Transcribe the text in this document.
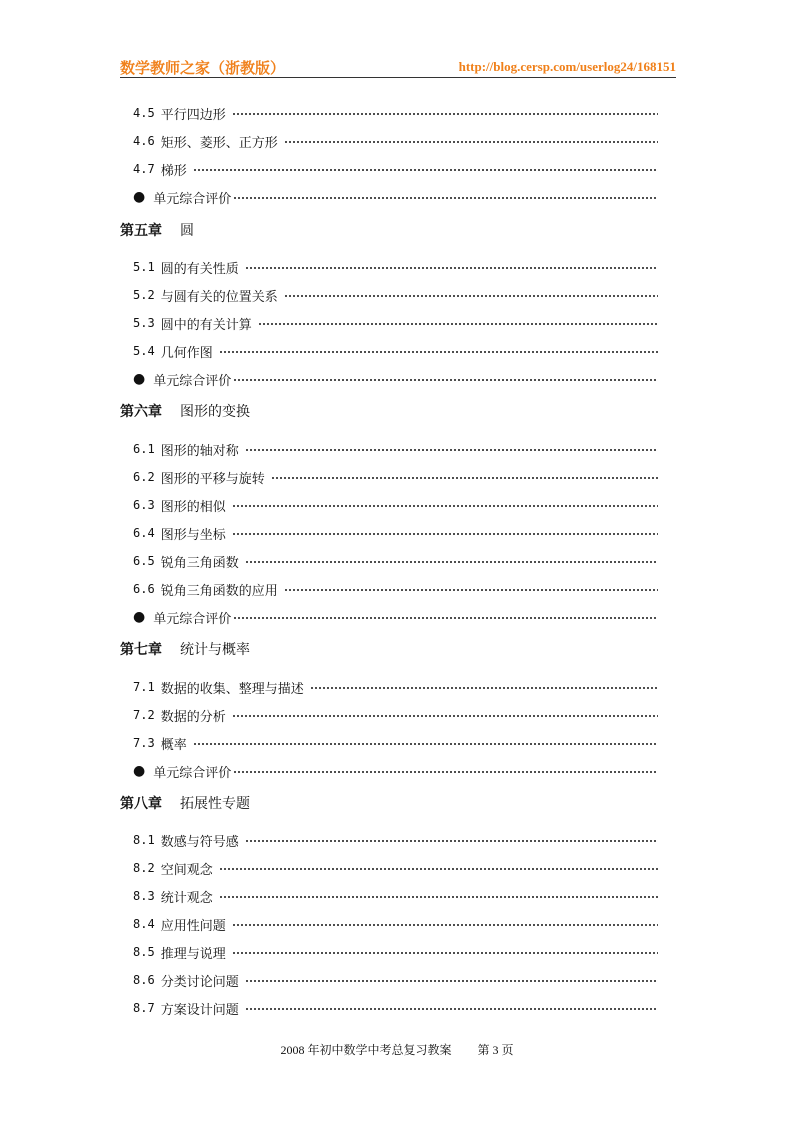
数学教师之家（浙教版）	http://blog.cersp.com/userlog24/168151
4.5 平行四边形
4.6 矩形、菱形、正方形
4.7 梯形
● 单元综合评价
第五章 圆
5.1 圆的有关性质
5.2 与圆有关的位置关系
5.3 圆中的有关计算
5.4 几何作图
● 单元综合评价
第六章 图形的变换
6.1 图形的轴对称
6.2 图形的平移与旋转
6.3 图形的相似
6.4 图形与坐标
6.5 锐角三角函数
6.6 锐角三角函数的应用
● 单元综合评价
第七章 统计与概率
7.1 数据的收集、整理与描述
7.2 数据的分析
7.3 概率
● 单元综合评价
第八章 拓展性专题
8.1 数感与符号感
8.2 空间观念
8.3 统计观念
8.4 应用性问题
8.5 推理与说理
8.6 分类讨论问题
8.7 方案设计问题
2008 年初中数学中考总复习教案 第 3 页
